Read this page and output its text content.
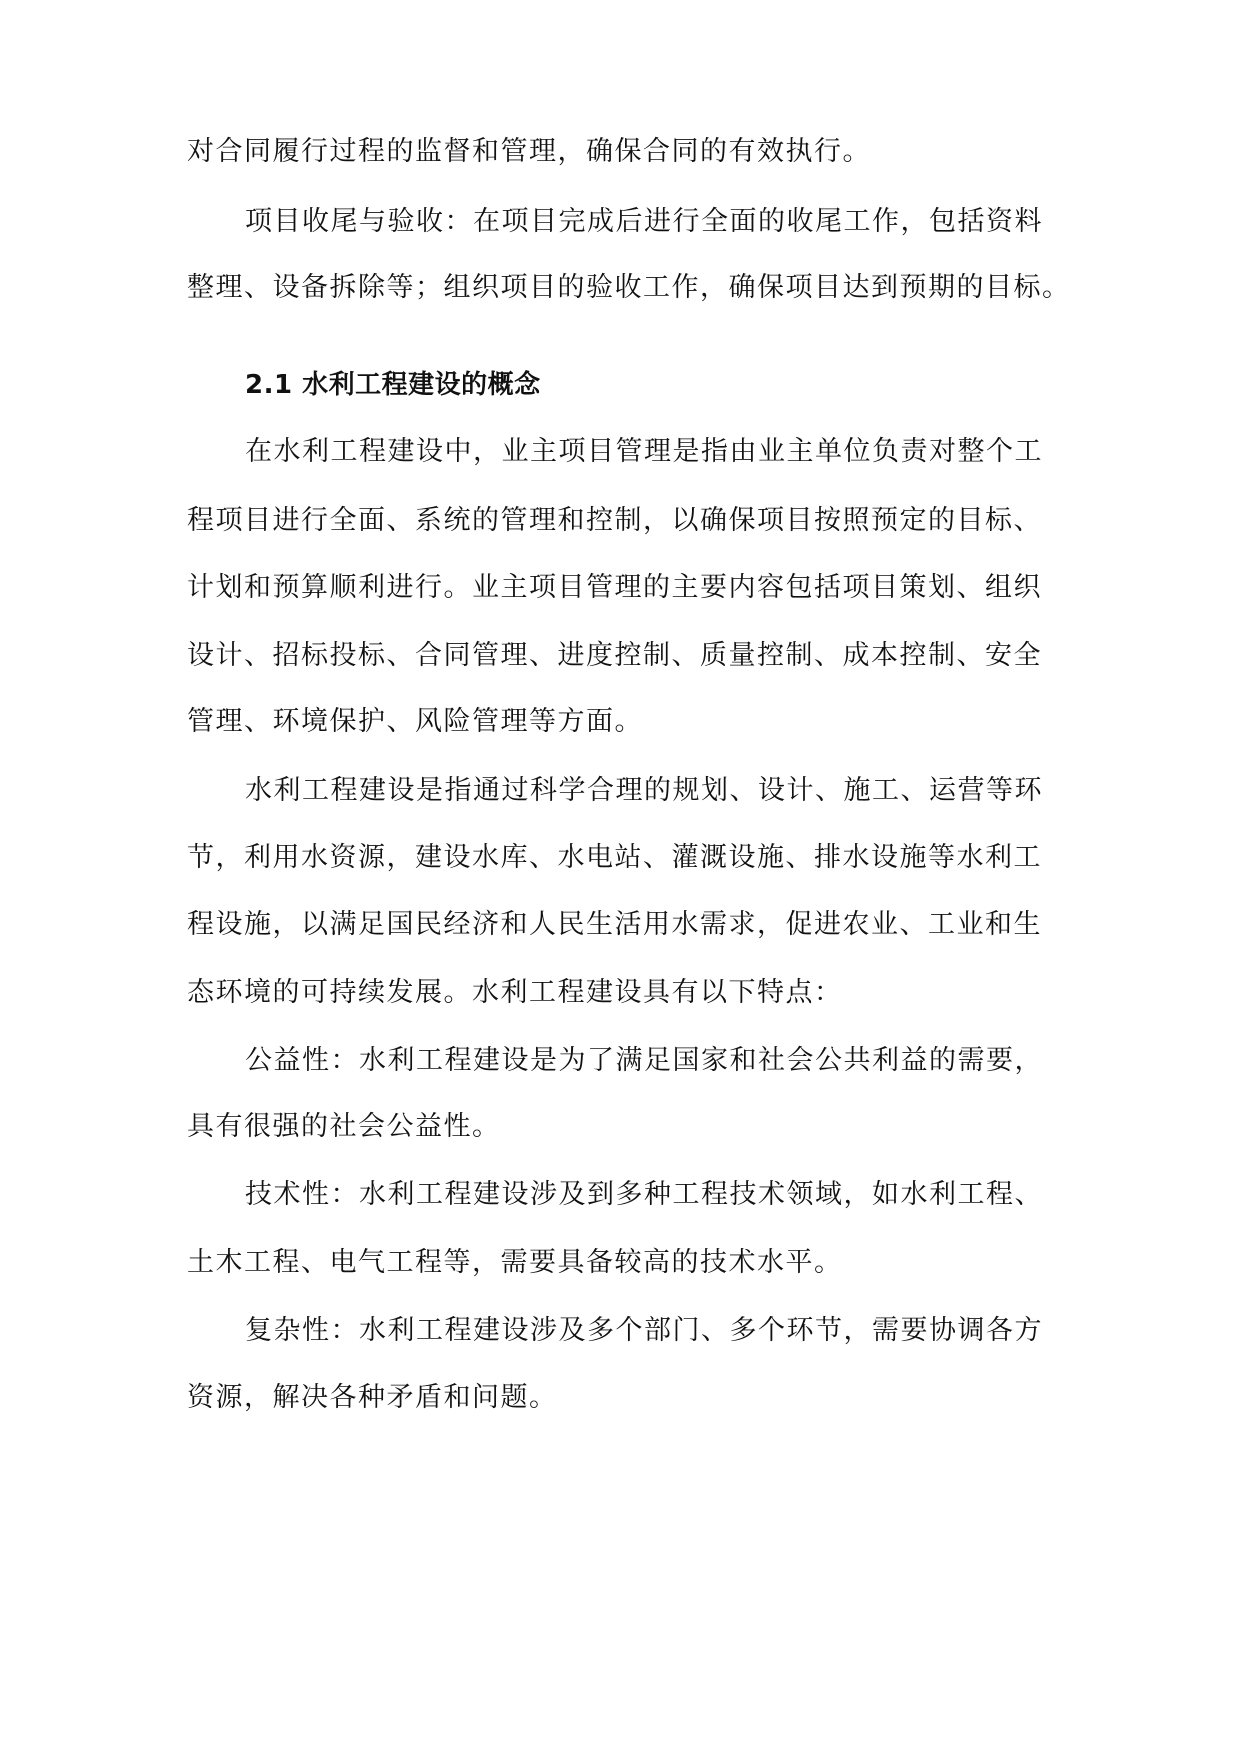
对合同履行过程的监督和管理，确保合同的有效执行。
项目收尾与验收：在项目完成后进行全面的收尾工作，包括资料
整理、设备拆除等；组织项目的验收工作，确保项目达到预期的目标。
2.1 水利工程建设的概念
在水利工程建设中，业主项目管理是指由业主单位负责对整个工
程项目进行全面、系统的管理和控制，以确保项目按照预定的目标、
计划和预算顺利进行。业主项目管理的主要内容包括项目策划、组织
设计、招标投标、合同管理、进度控制、质量控制、成本控制、安全
管理、环境保护、风险管理等方面。
水利工程建设是指通过科学合理的规划、设计、施工、运营等环
节，利用水资源，建设水库、水电站、灌溉设施、排水设施等水利工
程设施，以满足国民经济和人民生活用水需求，促进农业、工业和生
态环境的可持续发展。水利工程建设具有以下特点：
公益性：水利工程建设是为了满足国家和社会公共利益的需要，
具有很强的社会公益性。
技术性：水利工程建设涉及到多种工程技术领域，如水利工程、
土木工程、电气工程等，需要具备较高的技术水平。
复杂性：水利工程建设涉及多个部门、多个环节，需要协调各方
资源，解决各种矛盾和问题。
